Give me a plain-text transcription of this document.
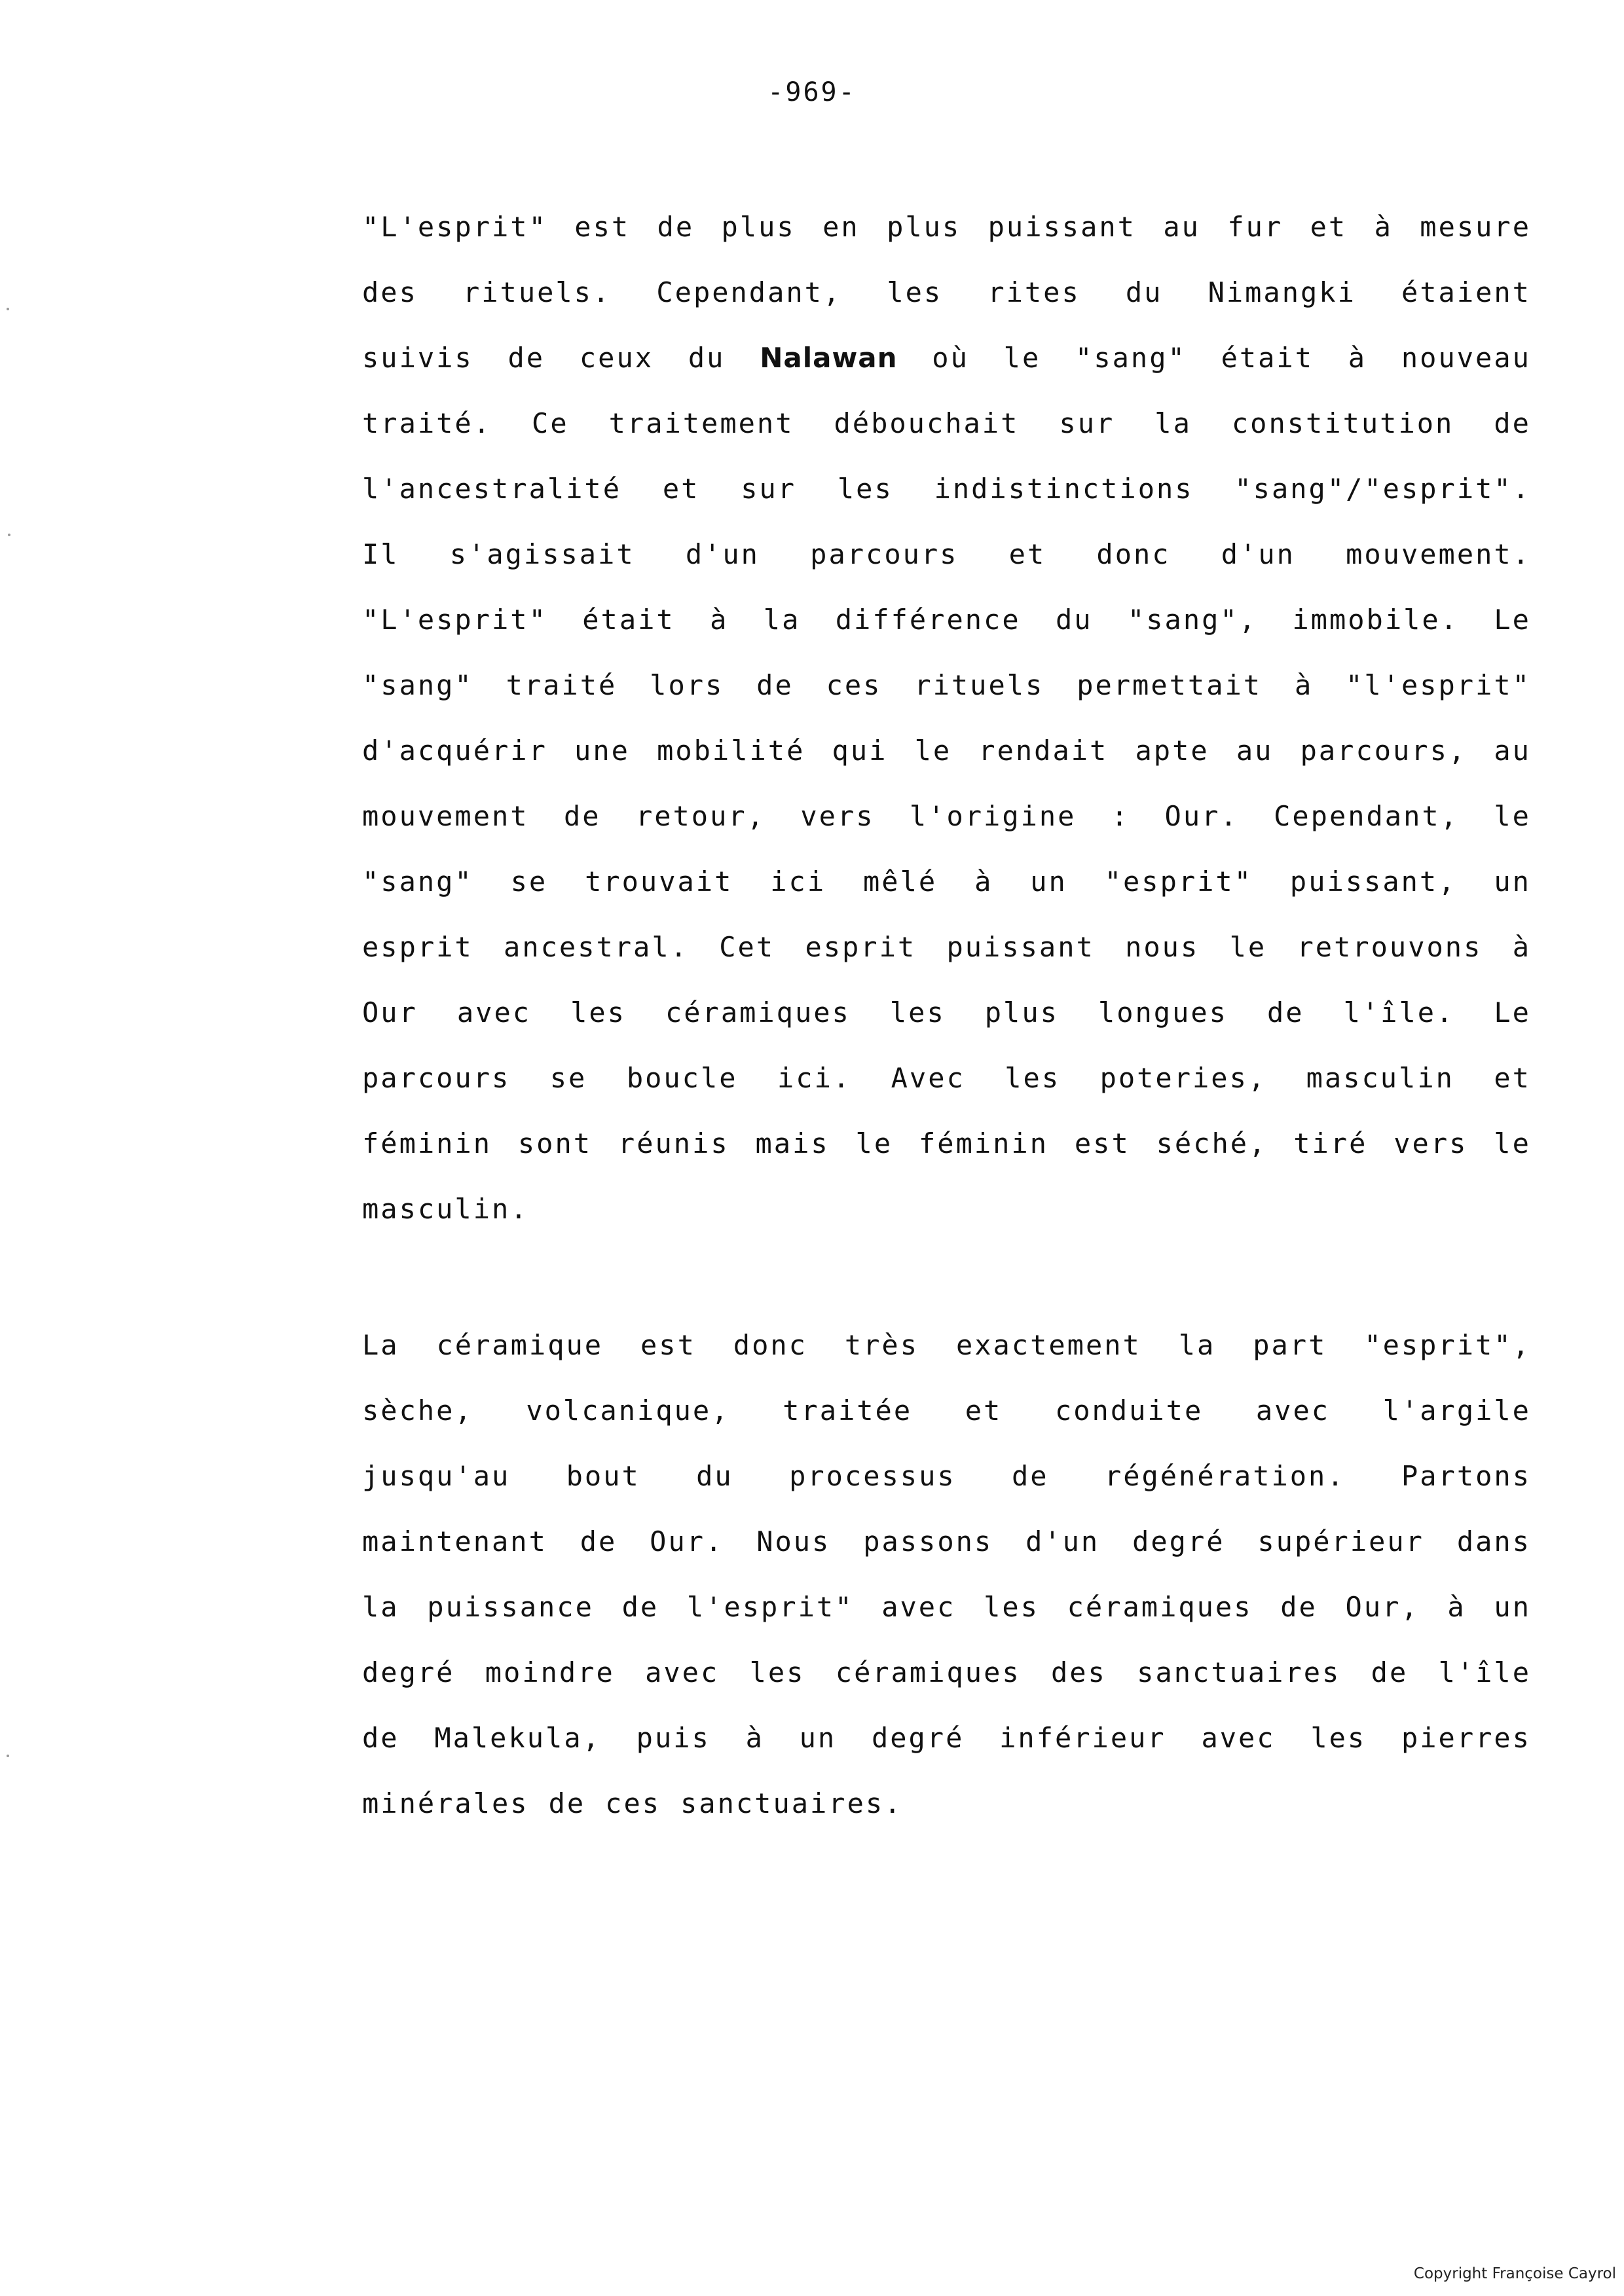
-969-
"L'esprit" est de plus en plus puissant au fur et à mesure
des rituels. Cependant, les rites du Nimangki étaient
suivis de ceux du Nalawan où le "sang" était à nouveau
traité. Ce traitement débouchait sur la constitution de
l'ancestralité et sur les indistinctions "sang"/"esprit".
Il s'agissait d'un parcours et donc d'un mouvement.
"L'esprit" était à la différence du "sang", immobile. Le
"sang" traité lors de ces rituels permettait à "l'esprit"
d'acquérir une mobilité qui le rendait apte au parcours, au
mouvement de retour, vers l'origine : Our. Cependant, le
"sang" se trouvait ici mêlé à un "esprit" puissant, un
esprit ancestral. Cet esprit puissant nous le retrouvons à
Our avec les céramiques les plus longues de l'île. Le
parcours se boucle ici. Avec les poteries, masculin et
féminin sont réunis mais le féminin est séché, tiré vers le
masculin.
La céramique est donc très exactement la part "esprit",
sèche, volcanique, traitée et conduite avec l'argile
jusqu'au bout du processus de régénération. Partons
maintenant de Our. Nous passons d'un degré supérieur dans
la puissance de l'esprit" avec les céramiques de Our, à un
degré moindre avec les céramiques des sanctuaires de l'île
de Malekula, puis à un degré inférieur avec les pierres
minérales de ces sanctuaires.
Copyright Françoise Cayrol
